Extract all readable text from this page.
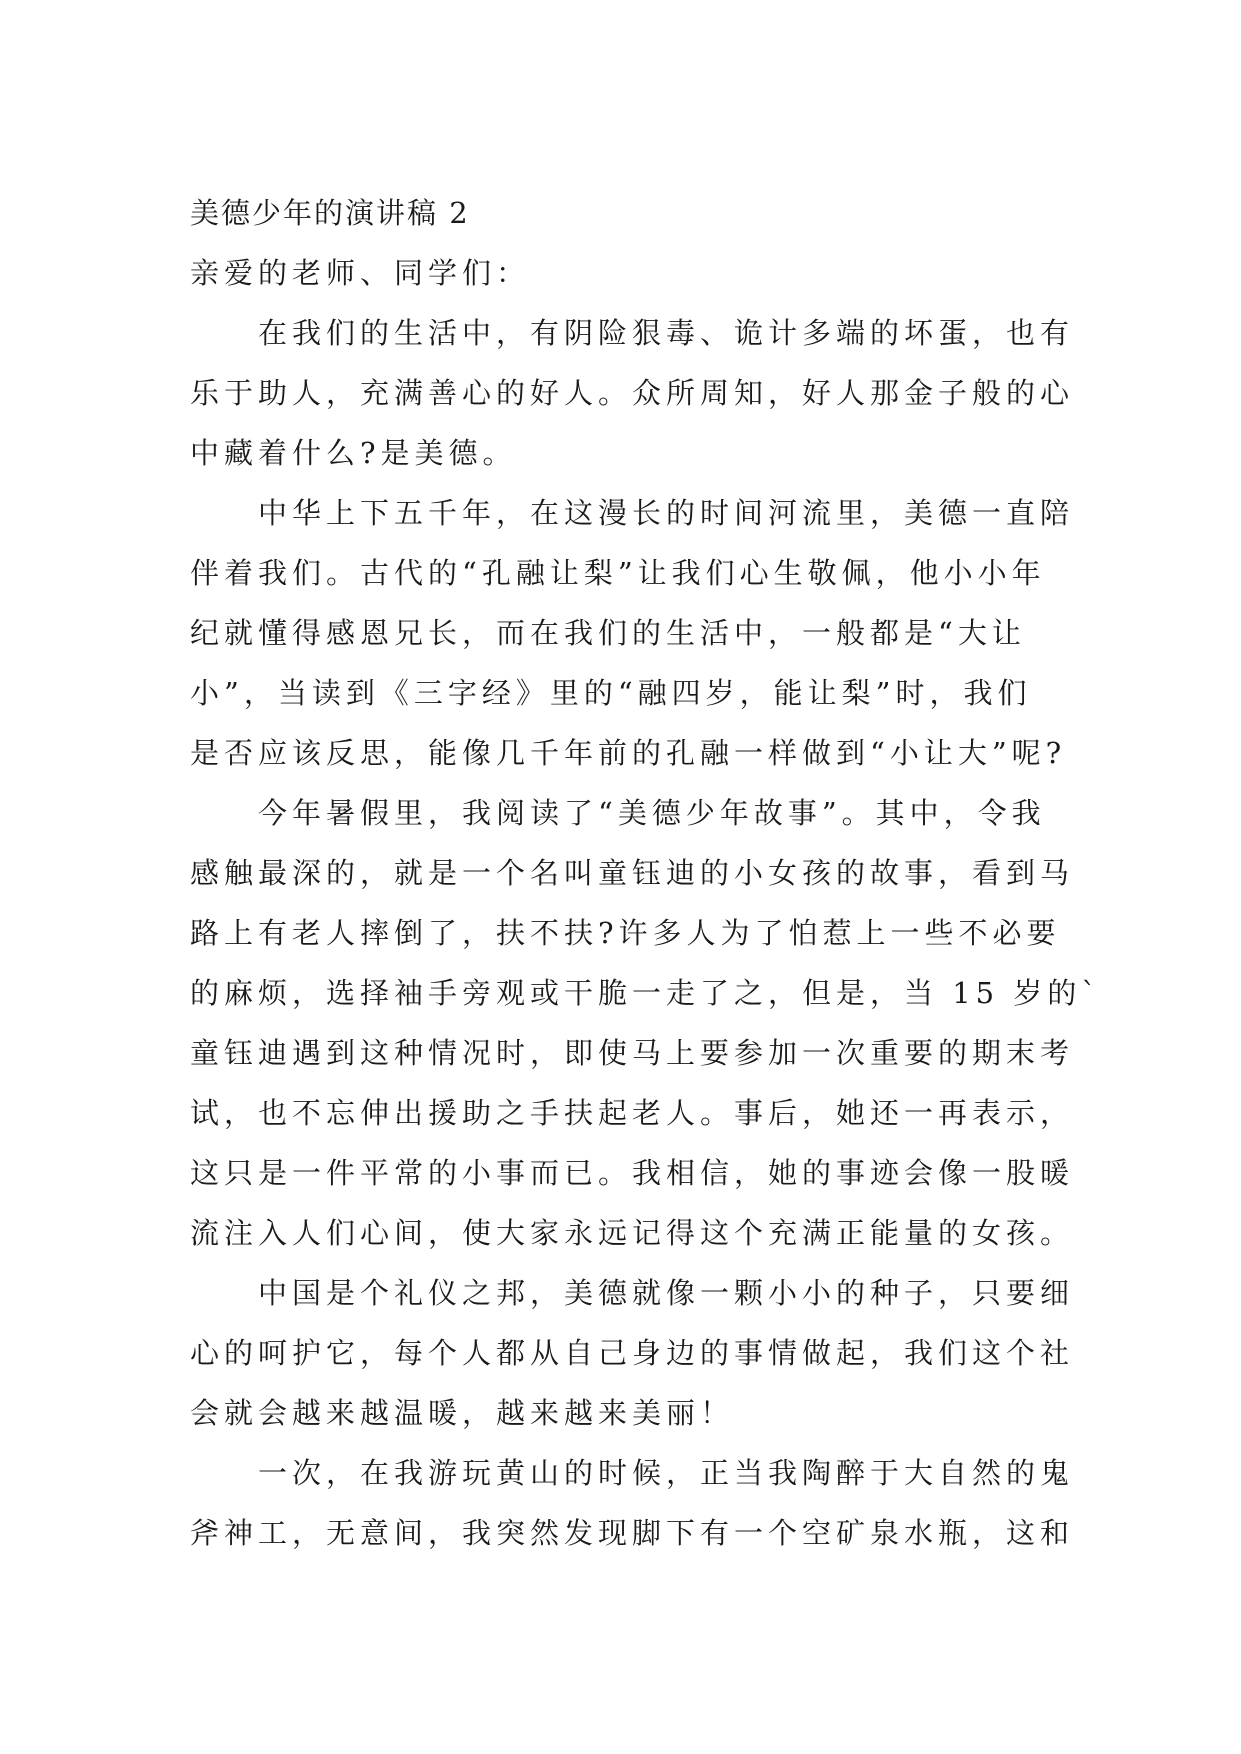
美德少年的演讲稿 2
亲爱的老师、同学们：
在我们的生活中，有阴险狠毒、诡计多端的坏蛋，也有
乐于助人，充满善心的好人。众所周知，好人那金子般的心
中藏着什么?是美德。
中华上下五千年，在这漫长的时间河流里，美德一直陪
伴着我们。古代的“孔融让梨”让我们心生敬佩，他小小年
纪就懂得感恩兄长，而在我们的生活中，一般都是“大让
小”，当读到《三字经》里的“融四岁，能让梨”时，我们
是否应该反思，能像几千年前的孔融一样做到“小让大”呢?
今年暑假里，我阅读了“美德少年故事”。其中，令我
感触最深的，就是一个名叫童钰迪的小女孩的故事，看到马
路上有老人摔倒了，扶不扶?许多人为了怕惹上一些不必要
的麻烦，选择袖手旁观或干脆一走了之，但是，当 15 岁的`
童钰迪遇到这种情况时，即使马上要参加一次重要的期末考
试，也不忘伸出援助之手扶起老人。事后，她还一再表示，
这只是一件平常的小事而已。我相信，她的事迹会像一股暖
流注入人们心间，使大家永远记得这个充满正能量的女孩。
中国是个礼仪之邦，美德就像一颗小小的种子，只要细
心的呵护它，每个人都从自己身边的事情做起，我们这个社
会就会越来越温暖，越来越来美丽！
一次，在我游玩黄山的时候，正当我陶醉于大自然的鬼
斧神工，无意间，我突然发现脚下有一个空矿泉水瓶，这和
